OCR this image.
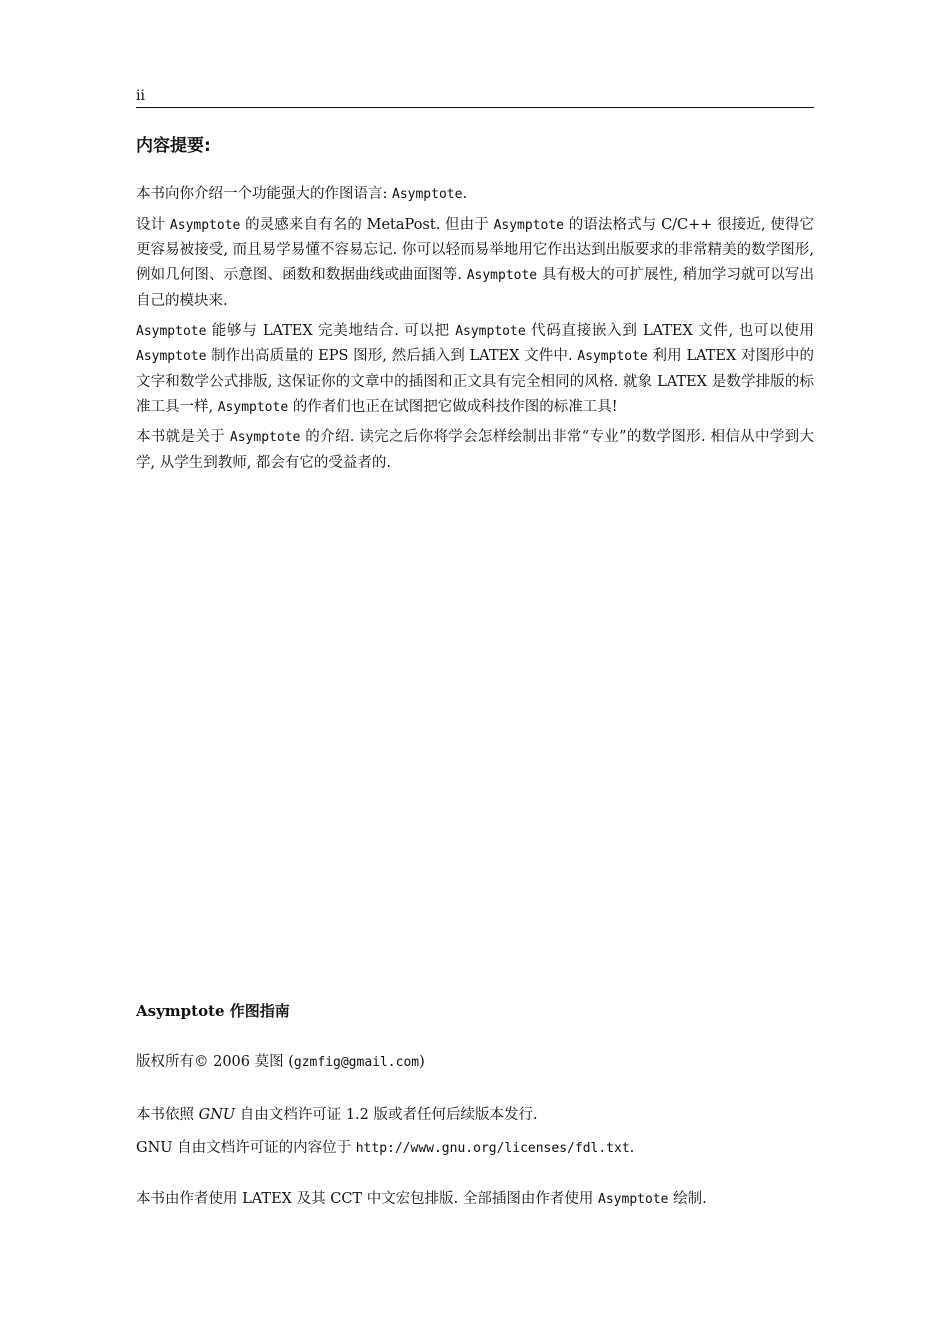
ii
内容提要:

本书向你介绍一个功能强大的作图语言: Asymptote.

设计 Asymptote 的灵感来自有名的 MetaPost. 但由于 Asymptote 的语法格式与 C/C++ 很接近, 使得它更容易被接受, 而且易学易懂不容易忘记. 你可以轻而易举地用它作出达到出版要求的非常精美的数学图形, 例如几何图、示意图、函数和数据曲线或曲面图等. Asymptote 具有极大的可扩展性, 稍加学习就可以写出自己的模块来.

Asymptote 能够与 LATEX 完美地结合. 可以把 Asymptote 代码直接嵌入到 LATEX 文件, 也可以使用 Asymptote 制作出高质量的 EPS 图形, 然后插入到 LATEX 文件中. Asymptote 利用 LATEX 对图形中的文字和数学公式排版, 这保证你的文章中的插图和正文具有完全相同的风格. 就象 LATEX 是数学排版的标准工具一样, Asymptote 的作者们也正在试图把它做成科技作图的标准工具!

本书就是关于 Asymptote 的介绍. 读完之后你将学会怎样绘制出非常“专业”的数学图形. 相信从中学到大学, 从学生到教师, 都会有它的受益者的.

Asymptote 作图指南
版权所有© 2006 莫图 (gzmfig@gmail.com)
本书依照 GNU 自由文档许可证 1.2 版或者任何后续版本发行.
GNU 自由文档许可证的内容位于 http://www.gnu.org/licenses/fdl.txt.
本书由作者使用 LATEX 及其 CCT 中文宏包排版. 全部插图由作者使用 Asymptote 绘制.
